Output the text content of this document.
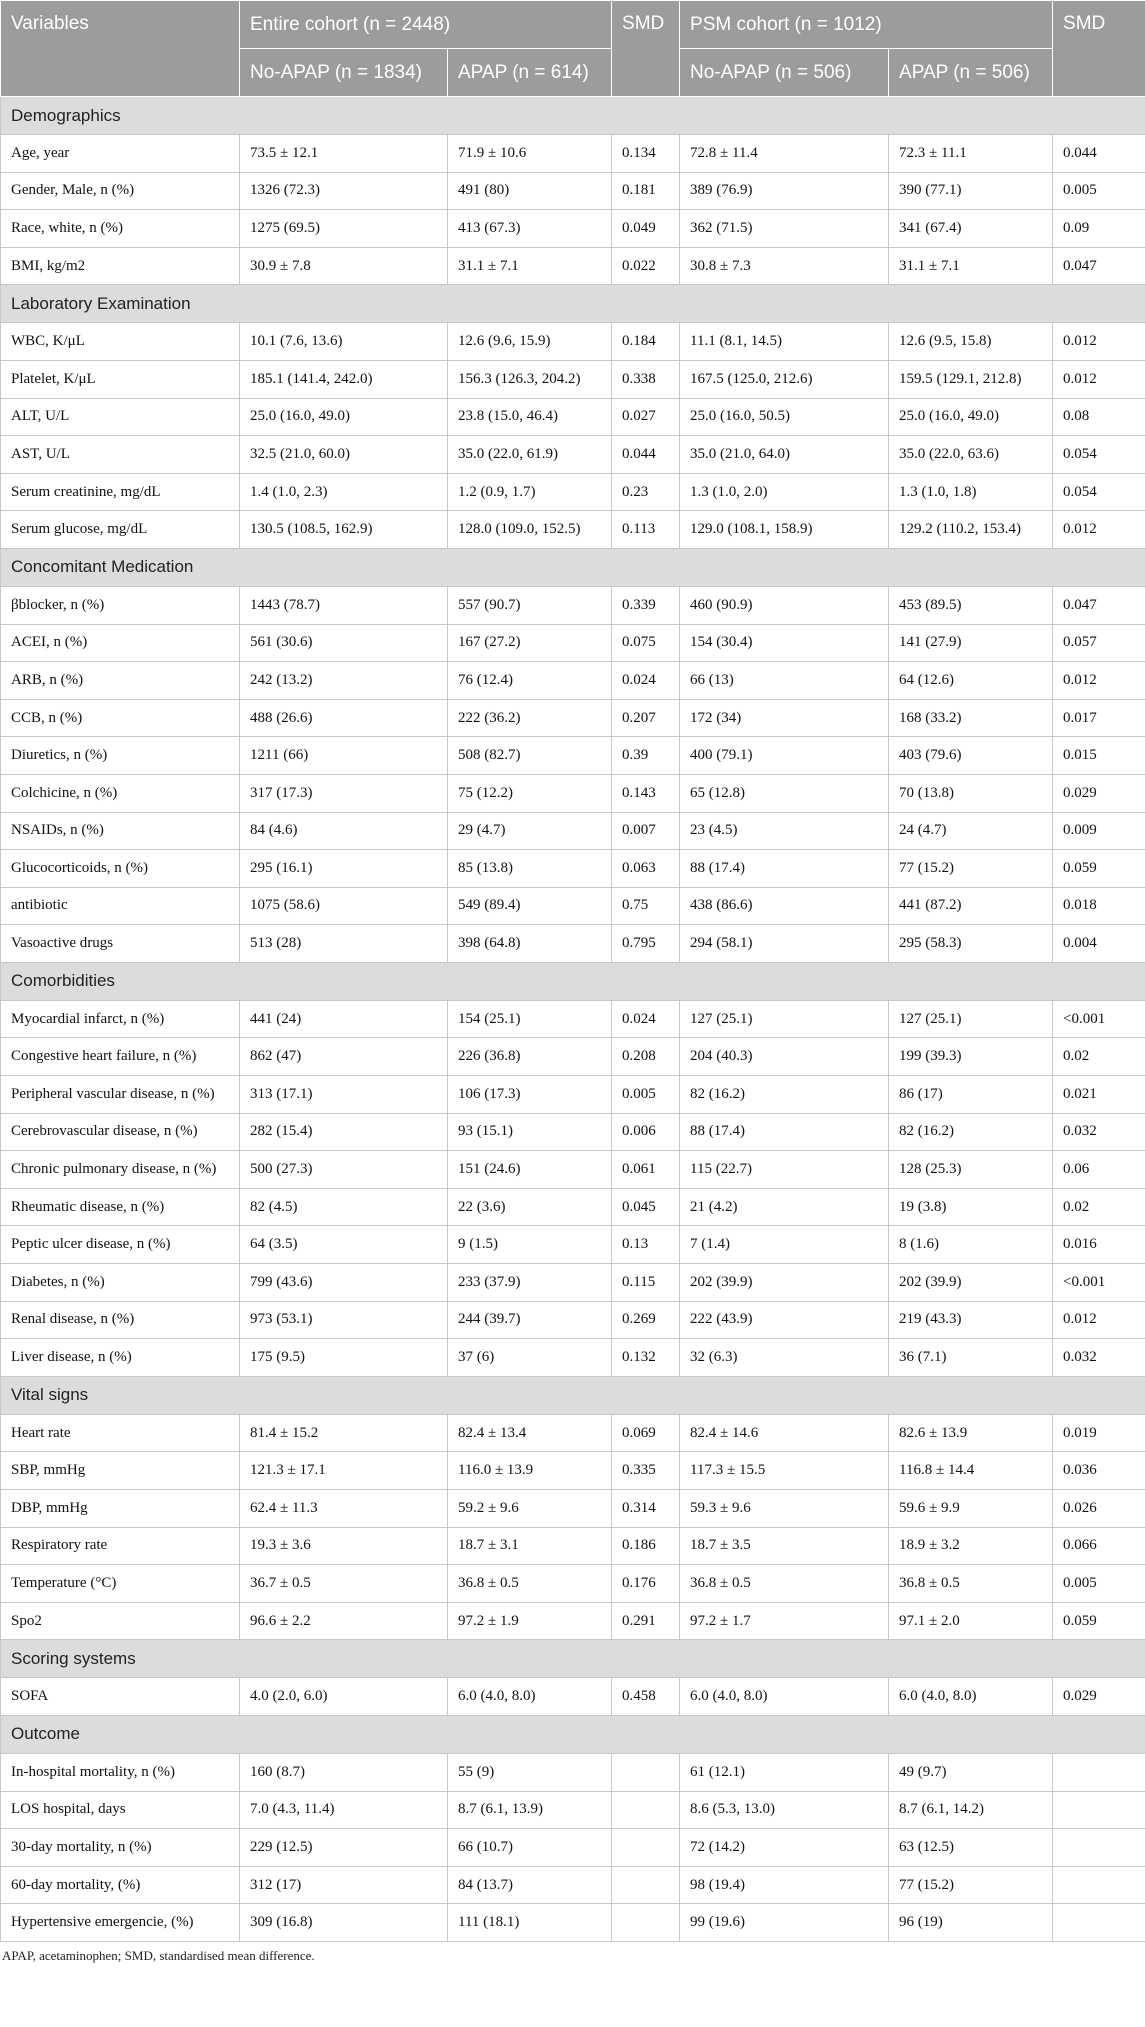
Variables	Entire cohort (n = 2448)		SMD	PSM cohort (n = 1012)		SMD
	No-APAP (n = 1834)	APAP (n = 614)		No-APAP (n = 506)	APAP (n = 506)	
Demographics						
Age, year	73.5 ± 12.1	71.9 ± 10.6	0.134	72.8 ± 11.4	72.3 ± 11.1	0.044
Gender, Male, n (%)	1326 (72.3)	491 (80)	0.181	389 (76.9)	390 (77.1)	0.005
Race, white, n (%)	1275 (69.5)	413 (67.3)	0.049	362 (71.5)	341 (67.4)	0.09
BMI, kg/m2	30.9 ± 7.8	31.1 ± 7.1	0.022	30.8 ± 7.3	31.1 ± 7.1	0.047
Laboratory Examination						
WBC, K/μL	10.1 (7.6, 13.6)	12.6 (9.6, 15.9)	0.184	11.1 (8.1, 14.5)	12.6 (9.5, 15.8)	0.012
Platelet, K/μL	185.1 (141.4, 242.0)	156.3 (126.3, 204.2)	0.338	167.5 (125.0, 212.6)	159.5 (129.1, 212.8)	0.012
ALT, U/L	25.0 (16.0, 49.0)	23.8 (15.0, 46.4)	0.027	25.0 (16.0, 50.5)	25.0 (16.0, 49.0)	0.08
AST, U/L	32.5 (21.0, 60.0)	35.0 (22.0, 61.9)	0.044	35.0 (21.0, 64.0)	35.0 (22.0, 63.6)	0.054
Serum creatinine, mg/dL	1.4 (1.0, 2.3)	1.2 (0.9, 1.7)	0.23	1.3 (1.0, 2.0)	1.3 (1.0, 1.8)	0.054
Serum glucose, mg/dL	130.5 (108.5, 162.9)	128.0 (109.0, 152.5)	0.113	129.0 (108.1, 158.9)	129.2 (110.2, 153.4)	0.012
Concomitant Medication						
βblocker, n (%)	1443 (78.7)	557 (90.7)	0.339	460 (90.9)	453 (89.5)	0.047
ACEI, n (%)	561 (30.6)	167 (27.2)	0.075	154 (30.4)	141 (27.9)	0.057
ARB, n (%)	242 (13.2)	76 (12.4)	0.024	66 (13)	64 (12.6)	0.012
CCB, n (%)	488 (26.6)	222 (36.2)	0.207	172 (34)	168 (33.2)	0.017
Diuretics, n (%)	1211 (66)	508 (82.7)	0.39	400 (79.1)	403 (79.6)	0.015
Colchicine, n (%)	317 (17.3)	75 (12.2)	0.143	65 (12.8)	70 (13.8)	0.029
NSAIDs, n (%)	84 (4.6)	29 (4.7)	0.007	23 (4.5)	24 (4.7)	0.009
Glucocorticoids, n (%)	295 (16.1)	85 (13.8)	0.063	88 (17.4)	77 (15.2)	0.059
antibiotic	1075 (58.6)	549 (89.4)	0.75	438 (86.6)	441 (87.2)	0.018
Vasoactive drugs	513 (28)	398 (64.8)	0.795	294 (58.1)	295 (58.3)	0.004
Comorbidities						
Myocardial infarct, n (%)	441 (24)	154 (25.1)	0.024	127 (25.1)	127 (25.1)	<0.001
Congestive heart failure, n (%)	862 (47)	226 (36.8)	0.208	204 (40.3)	199 (39.3)	0.02
Peripheral vascular disease, n (%)	313 (17.1)	106 (17.3)	0.005	82 (16.2)	86 (17)	0.021
Cerebrovascular disease, n (%)	282 (15.4)	93 (15.1)	0.006	88 (17.4)	82 (16.2)	0.032
Chronic pulmonary disease, n (%)	500 (27.3)	151 (24.6)	0.061	115 (22.7)	128 (25.3)	0.06
Rheumatic disease, n (%)	82 (4.5)	22 (3.6)	0.045	21 (4.2)	19 (3.8)	0.02
Peptic ulcer disease, n (%)	64 (3.5)	9 (1.5)	0.13	7 (1.4)	8 (1.6)	0.016
Diabetes, n (%)	799 (43.6)	233 (37.9)	0.115	202 (39.9)	202 (39.9)	<0.001
Renal disease, n (%)	973 (53.1)	244 (39.7)	0.269	222 (43.9)	219 (43.3)	0.012
Liver disease, n (%)	175 (9.5)	37 (6)	0.132	32 (6.3)	36 (7.1)	0.032
Vital signs						
Heart rate	81.4 ± 15.2	82.4 ± 13.4	0.069	82.4 ± 14.6	82.6 ± 13.9	0.019
SBP, mmHg	121.3 ± 17.1	116.0 ± 13.9	0.335	117.3 ± 15.5	116.8 ± 14.4	0.036
DBP, mmHg	62.4 ± 11.3	59.2 ± 9.6	0.314	59.3 ± 9.6	59.6 ± 9.9	0.026
Respiratory rate	19.3 ± 3.6	18.7 ± 3.1	0.186	18.7 ± 3.5	18.9 ± 3.2	0.066
Temperature (°C)	36.7 ± 0.5	36.8 ± 0.5	0.176	36.8 ± 0.5	36.8 ± 0.5	0.005
Spo2	96.6 ± 2.2	97.2 ± 1.9	0.291	97.2 ± 1.7	97.1 ± 2.0	0.059
Scoring systems						
SOFA	4.0 (2.0, 6.0)	6.0 (4.0, 8.0)	0.458	6.0 (4.0, 8.0)	6.0 (4.0, 8.0)	0.029
Outcome						
In-hospital mortality, n (%)	160 (8.7)	55 (9)		61 (12.1)	49 (9.7)	
LOS hospital, days	7.0 (4.3, 11.4)	8.7 (6.1, 13.9)		8.6 (5.3, 13.0)	8.7 (6.1, 14.2)	
30-day mortality, n (%)	229 (12.5)	66 (10.7)		72 (14.2)	63 (12.5)	
60-day mortality, (%)	312 (17)	84 (13.7)		98 (19.4)	77 (15.2)	
Hypertensive emergencie, (%)	309 (16.8)	111 (18.1)		99 (19.6)	96 (19)	
APAP, acetaminophen; SMD, standardised mean difference.
